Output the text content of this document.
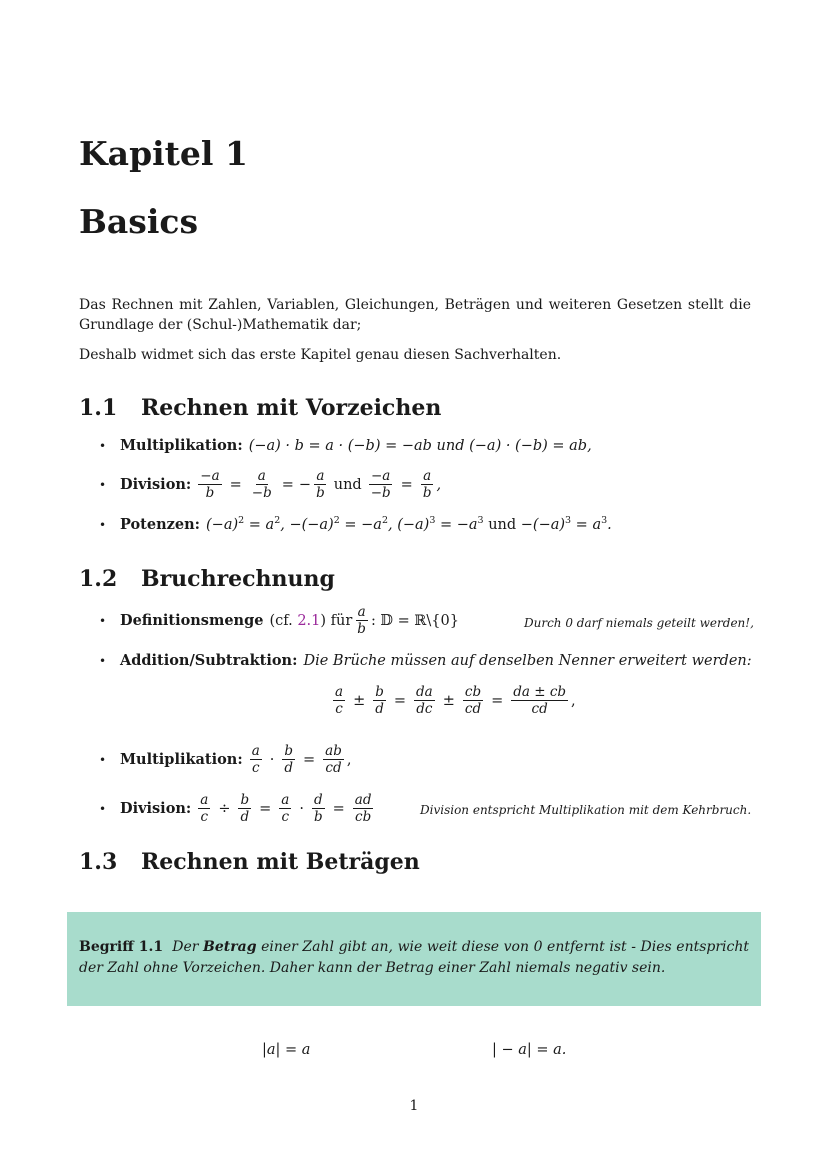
Kapitel 1
Basics

Das Rechnen mit Zahlen, Variablen, Gleichungen, Beträgen und weiteren Gesetzen stellt die Grundlage der (Schul-)Mathematik dar;

Deshalb widmet sich das erste Kapitel genau diesen Sachverhalten.

1.1 Rechnen mit Vorzeichen
• Multiplikation: (−a) · b = a · (−b) = −ab und (−a) · (−b) = ab,
• Division: $\frac{-a}{b} = \frac{a}{-b}$ = − $\frac{a}{b}$ und $\frac{-a}{-b} = \frac{a}{b}$ ,
• Potenzen: $(-a)^2 = a^2$, $-(-a)^2 = -a^2$, $(-a)^3 = -a^3$ und $-(-a)^3 = a^3$.
1.2 Bruchrechnung
• Definitionsmenge (cf. 2.1) für $\frac{a}{b}$ : 𝔻 = ℝ\{0}	Durch 0 darf niemals geteilt werden!,
• Addition/Subtraktion: Die Brüche müssen auf denselben Nenner erweitert werden:
$\frac{a}{c} \pm \frac{b}{d} = \frac{da}{dc} \pm \frac{cb}{cd} = \frac{da \pm cb}{cd}$ ,
• Multiplikation: $\frac{a}{c} \cdot \frac{b}{d} = \frac{ab}{cd}$ ,
• Division: $\frac{a}{c} \div \frac{b}{d} = \frac{a}{c} \cdot \frac{d}{b} = \frac{ad}{cb}$	Division entspricht Multiplikation mit dem Kehrbruch.
1.3 Rechnen mit Beträgen

Begriff 1.1 Der Betrag einer Zahl gibt an, wie weit diese von 0 entfernt ist - Dies entspricht der Zahl ohne Vorzeichen. Daher kann der Betrag einer Zahl niemals negativ sein.

|a| = a	| − a| = a.
1
